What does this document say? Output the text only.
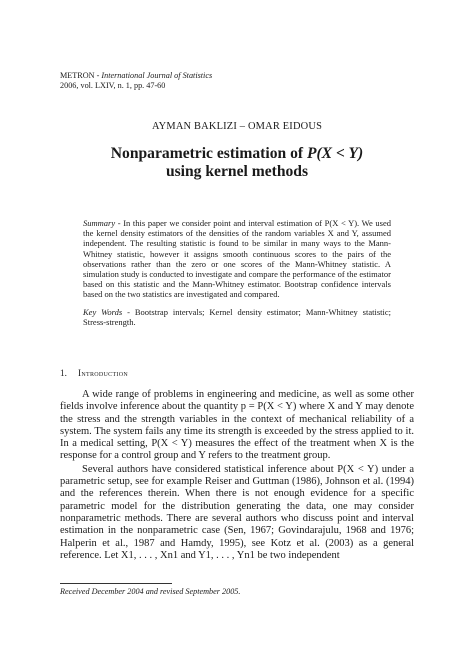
METRON - International Journal of Statistics
2006, vol. LXIV, n. 1, pp. 47-60
AYMAN BAKLIZI – OMAR EIDOUS
Nonparametric estimation of P(X < Y)
using kernel methods

Summary - In this paper we consider point and interval estimation of P(X < Y). We used the kernel density estimators of the densities of the random variables X and Y, assumed independent. The resulting statistic is found to be similar in many ways to the Mann-Whitney statistic, however it assigns smooth continuous scores to the pairs of the observations rather than the zero or one scores of the Mann-Whitney statistic. A simulation study is conducted to investigate and compare the performance of the estimator based on this statistic and the Mann-Whitney estimator. Bootstrap confidence intervals based on the two statistics are investigated and compared.

Key Words - Bootstrap intervals; Kernel density estimator; Mann-Whitney statistic; Stress-strength.
1. Introduction

A wide range of problems in engineering and medicine, as well as some other fields involve inference about the quantity p = P(X < Y) where X and Y may denote the stress and the strength variables in the context of mechanical reliability of a system. The system fails any time its strength is exceeded by the stress applied to it. In a medical setting, P(X < Y) measures the effect of the treatment when X is the response for a control group and Y refers to the treatment group.

Several authors have considered statistical inference about P(X < Y) under a parametric setup, see for example Reiser and Guttman (1986), Johnson et al. (1994) and the references therein. When there is not enough evidence for a specific parametric model for the distribution generating the data, one may consider nonparametric methods. There are several authors who discuss point and interval estimation in the nonparametric case (Sen, 1967; Govindarajulu, 1968 and 1976; Halperin et al., 1987 and Hamdy, 1995), see Kotz et al. (2003) as a general reference. Let X1, . . . , Xn1 and Y1, . . . , Yn1 be two independent

Received December 2004 and revised September 2005.
